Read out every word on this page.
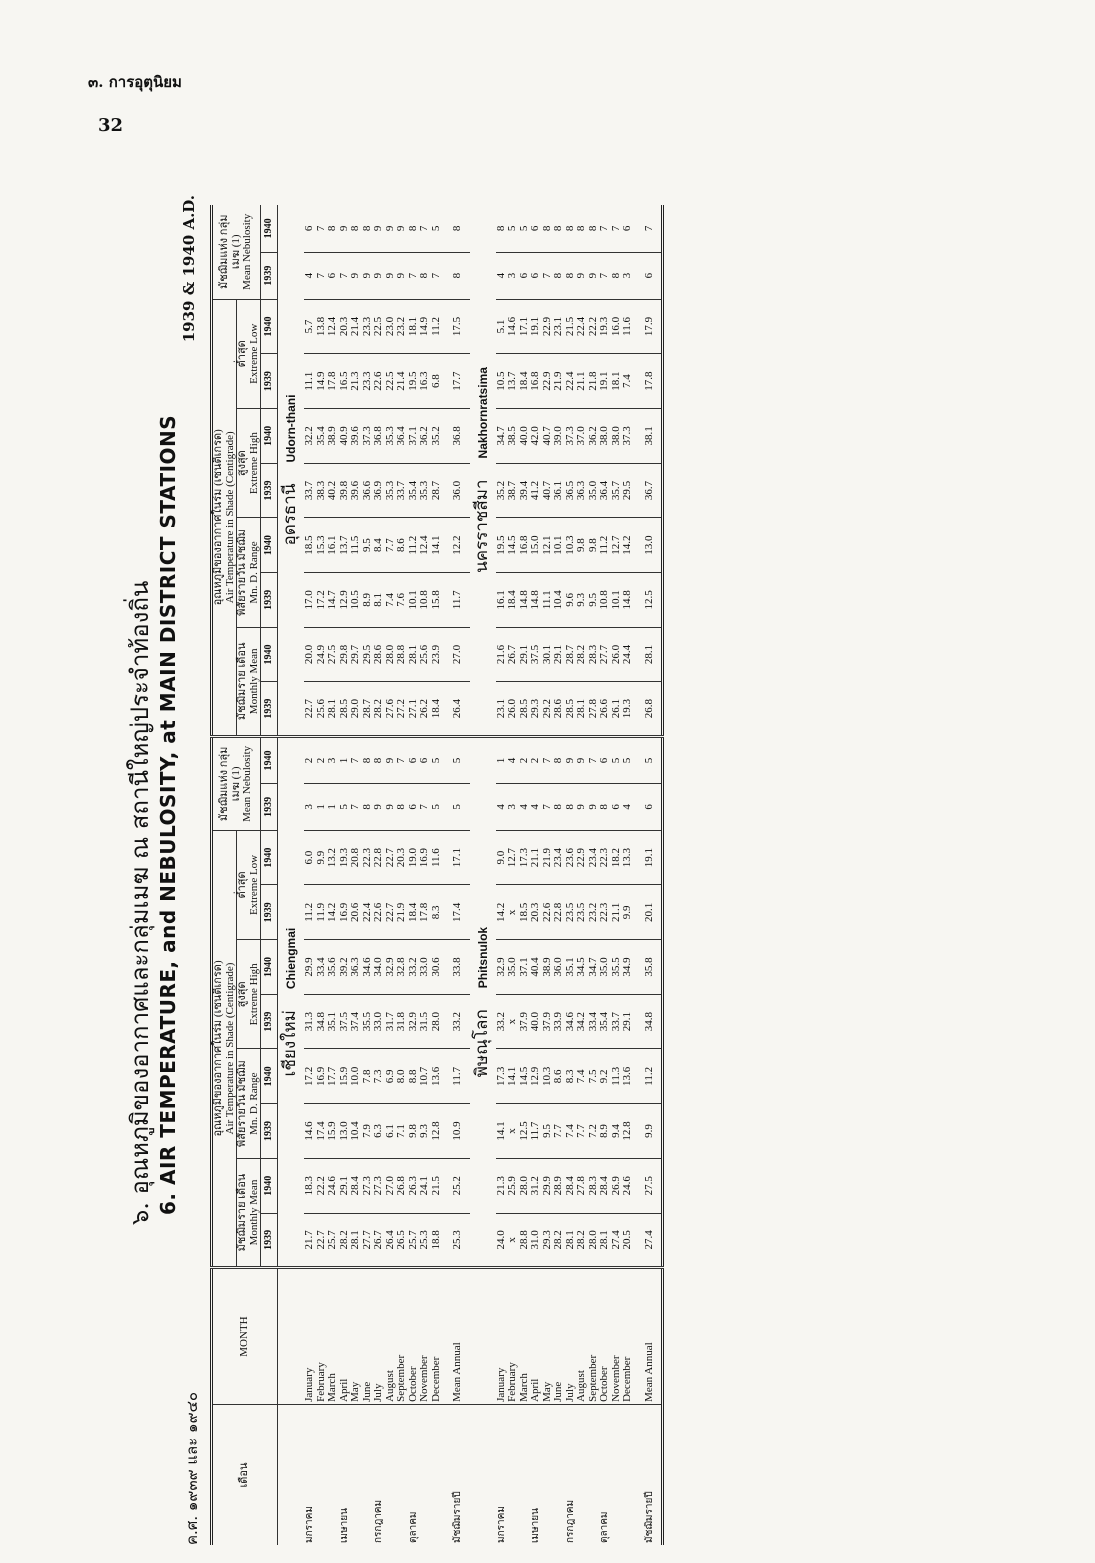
๓. การอุตุนิยม
32
๖. อุณหภูมิของอากาศและกลุ่มเมฆ ณ สถานีใหญ่ประจำท้องถิ่น 6. AIR TEMPERATURE, and NEBULOSITY, at MAIN DISTRICT STATIONS
ค.ศ. ๑๙๓๙ และ ๑๙๔๐
1939 & 1940 A.D.
เดือน	MONTH	อุณหภูมิของอากาศในร่ม (เซนติเกรด)
Air Temperature in Shade (Centigrade)								มัชฌิมแห่ง กลุ่มเมฆ (1)
Mean Nebulosity		อุณหภูมิของอากาศในร่ม (เซนติเกรด)
Air Temperature in Shade (Centigrade)								มัชฌิมแห่ง กลุ่มเมฆ (1)
Mean Nebulosity	
		มัชฌิมราย เดือน
Monthly Mean		พิสัยรายวัน มัชฌิม
Mn. D. Range		สูงสุด
Extreme High		ต่ำสุด
Extreme Low				มัชฌิมราย เดือน
Monthly Mean		พิสัยรายวัน มัชฌิม
Mn. D. Range		สูงสุด
Extreme High		ต่ำสุด
Extreme Low			
		1939	1940	1939	1940	1939	1940	1939	1940	1939	1940	1939	1940	1939	1940	1939	1940	1939	1940	1939	1940
		เชียงใหม่       Chiengmai										อุดรธานี       Udorn-thani									
มกราคม	January	21.7	18.3	14.6	17.2	31.3	29.9	11.2	6.0	3	2	22.7	20.0	17.0	18.5	33.7	32.2	11.1	5.7	4	6
	February	22.7	22.2	17.4	16.9	34.8	33.4	11.9	9.9	1	2	25.6	24.9	17.2	15.3	38.3	35.4	14.9	13.8	7	7
	March	25.7	24.6	15.9	17.7	35.1	35.6	14.2	13.2	1	3	28.1	27.5	14.7	16.1	40.2	38.9	17.8	12.4	6	8
เมษายน	April	28.2	29.1	13.0	15.9	37.5	39.2	16.9	19.3	5	1	28.5	29.8	12.9	13.7	39.8	40.9	16.5	20.3	7	9
	May	28.1	28.4	10.4	10.0	37.4	36.3	20.6	20.8	7	7	29.0	29.7	10.5	11.5	39.6	39.6	21.3	21.4	9	8
	June	27.7	27.3	7.9	7.8	35.5	34.6	22.4	22.3	8	8	28.7	29.5	8.9	9.5	36.6	37.3	23.3	23.3	9	8
กรกฎาคม	July	26.7	27.3	6.3	7.3	33.0	34.0	22.6	22.8	9	8	28.2	28.6	8.1	8.4	36.9	36.8	22.6	22.5	9	9
	August	26.4	27.0	6.1	6.9	31.7	32.9	22.7	22.7	9	9	27.6	28.0	7.4	7.7	35.3	35.3	22.5	23.0	9	9
	September	26.5	26.8	7.1	8.0	31.8	32.8	21.9	20.3	8	7	27.2	28.8	7.6	8.6	33.7	36.4	21.4	23.2	9	9
ตุลาคม	October	25.7	26.3	9.8	8.8	32.9	33.2	18.4	19.0	6	6	27.1	28.1	10.1	11.2	35.4	37.1	19.5	18.1	7	8
	November	25.3	24.1	9.3	10.7	31.5	33.0	17.8	16.9	7	6	26.2	25.6	10.8	12.4	35.3	36.2	16.3	14.9	8	7
	December	18.8	21.5	12.8	13.6	28.0	30.6	8.3	11.6	5	5	18.4	23.9	15.8	14.1	28.7	35.2	6.8	11.2	7	5
มัชฌิมรายปี	Mean Annual	25.3	25.2	10.9	11.7	33.2	33.8	17.4	17.1	5	5	26.4	27.0	11.7	12.2	36.0	36.8	17.7	17.5	8	8
		พิษณุโลก       Phitsnulok										นครราชสีมา       Nakhornratsima									
มกราคม	January	24.0	21.3	14.1	17.3	33.2	32.9	14.2	9.0	4	1	23.1	21.6	16.1	19.5	35.2	34.7	10.5	5.1	4	8
	February	x	25.9	x	14.1	x	35.0	x	12.7	3	4	26.0	26.7	18.4	14.5	38.7	38.5	13.7	14.6	3	5
	March	28.8	28.0	12.5	14.5	37.9	37.1	18.5	17.3	4	2	28.5	29.1	14.8	16.8	39.4	40.0	18.4	17.1	6	5
เมษายน	April	31.0	31.2	11.7	12.9	40.0	40.4	20.3	21.1	4	2	29.3	37.5	14.8	15.0	41.2	42.0	16.8	19.1	6	6
	May	29.3	29.9	9.5	10.3	37.9	38.9	22.6	21.9	7	7	29.2	30.1	11.1	12.1	40.7	40.7	22.9	22.9	7	8
	June	28.2	28.9	7.7	8.6	33.9	36.0	22.8	23.4	8	8	28.6	29.1	10.4	10.1	36.1	39.0	21.9	23.1	8	8
กรกฎาคม	July	28.1	28.4	7.4	8.3	34.6	35.1	23.5	23.6	8	9	28.5	28.7	9.6	10.3	36.5	37.3	22.4	21.5	8	8
	August	28.2	27.8	7.7	7.4	34.2	34.5	23.5	22.9	9	9	28.1	28.2	9.3	9.8	36.3	37.0	21.1	22.4	9	8
	September	28.0	28.3	7.2	7.5	33.4	34.7	23.2	23.4	9	7	27.8	28.3	9.5	9.8	35.0	36.2	21.8	22.2	9	8
ตุลาคม	October	28.1	28.4	8.9	9.2	35.4	35.0	22.3	22.3	8	6	26.6	27.7	10.8	11.2	36.4	38.0	19.1	19.3	7	7
	November	27.4	26.9	9.4	11.3	33.7	35.5	21.1	18.2	6	5	26.1	26.0	10.1	12.7	35.7	38.0	18.1	16.0	8	7
	December	20.5	24.6	12.8	13.6	29.1	34.9	9.9	13.3	4	5	19.3	24.4	14.8	14.2	29.5	37.3	7.4	11.6	3	6
มัชฌิมรายปี	Mean Annual	27.4	27.5	9.9	11.2	34.8	35.8	20.1	19.1	6	5	26.8	28.1	12.5	13.0	36.7	38.1	17.8	17.9	6	7
